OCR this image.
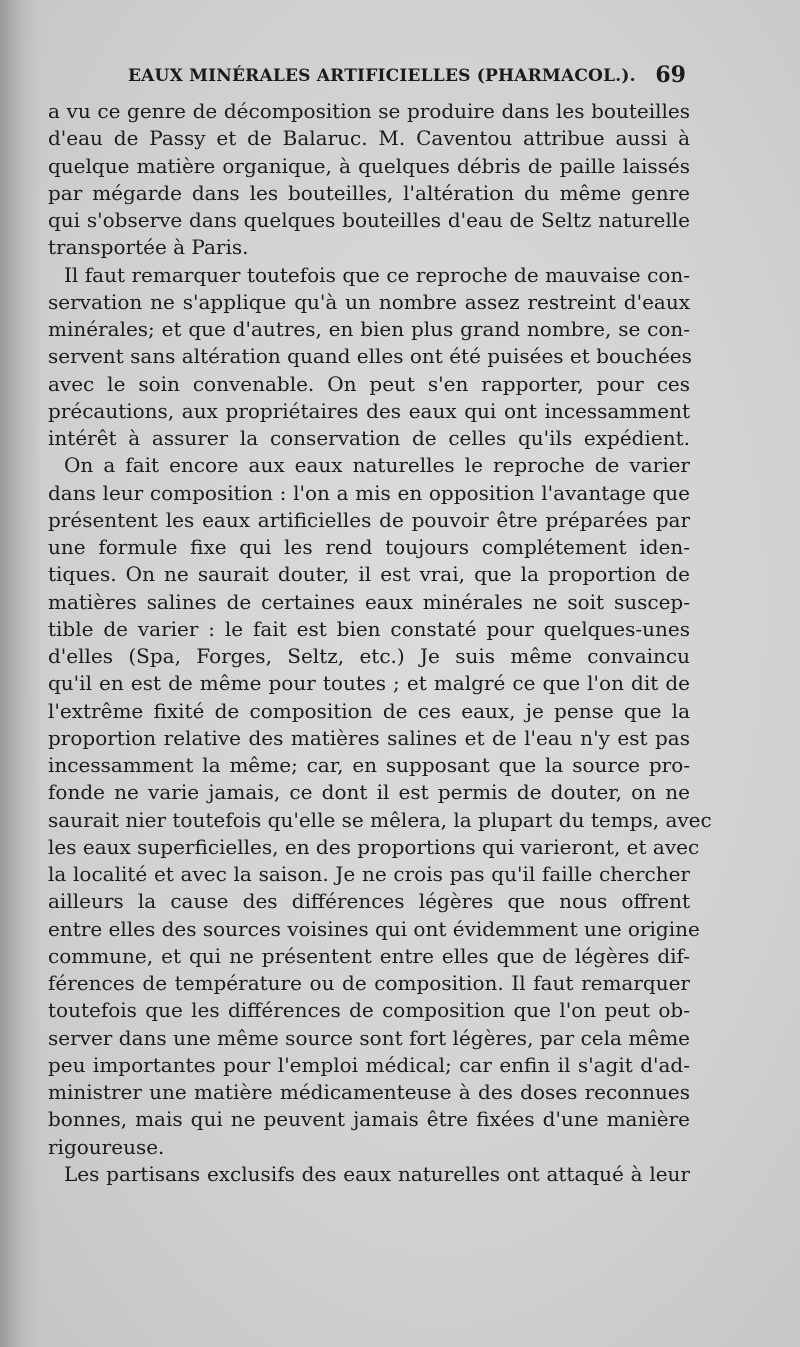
EAUX MINÉRALES ARTIFICIELLES (PHARMACOL.). 69

a vu ce genre de décomposition se produire dans les bouteilles
d'eau de Passy et de Balaruc. M. Caventou attribue aussi à
quelque matière organique, à quelques débris de paille laissés
par mégarde dans les bouteilles, l'altération du même genre
qui s'observe dans quelques bouteilles d'eau de Seltz naturelle
transportée à Paris.

Il faut remarquer toutefois que ce reproche de mauvaise con-
servation ne s'applique qu'à un nombre assez restreint d'eaux
minérales; et que d'autres, en bien plus grand nombre, se con-
servent sans altération quand elles ont été puisées et bouchées
avec le soin convenable. On peut s'en rapporter, pour ces
précautions, aux propriétaires des eaux qui ont incessamment
intérêt à assurer la conservation de celles qu'ils expédient.

On a fait encore aux eaux naturelles le reproche de varier
dans leur composition : l'on a mis en opposition l'avantage que
présentent les eaux artificielles de pouvoir être préparées par
une formule fixe qui les rend toujours complétement iden-
tiques. On ne saurait douter, il est vrai, que la proportion de
matières salines de certaines eaux minérales ne soit suscep-
tible de varier : le fait est bien constaté pour quelques-unes
d'elles (Spa, Forges, Seltz, etc.) Je suis même convaincu
qu'il en est de même pour toutes ; et malgré ce que l'on dit de
l'extrême fixité de composition de ces eaux, je pense que la
proportion relative des matières salines et de l'eau n'y est pas
incessamment la même; car, en supposant que la source pro-
fonde ne varie jamais, ce dont il est permis de douter, on ne
saurait nier toutefois qu'elle se mêlera, la plupart du temps, avec
les eaux superficielles, en des proportions qui varieront, et avec
la localité et avec la saison. Je ne crois pas qu'il faille chercher
ailleurs la cause des différences légères que nous offrent
entre elles des sources voisines qui ont évidemment une origine
commune, et qui ne présentent entre elles que de légères dif-
férences de température ou de composition. Il faut remarquer
toutefois que les différences de composition que l'on peut ob-
server dans une même source sont fort légères, par cela même
peu importantes pour l'emploi médical; car enfin il s'agit d'ad-
ministrer une matière médicamenteuse à des doses reconnues
bonnes, mais qui ne peuvent jamais être fixées d'une manière
rigoureuse.

Les partisans exclusifs des eaux naturelles ont attaqué à leur
